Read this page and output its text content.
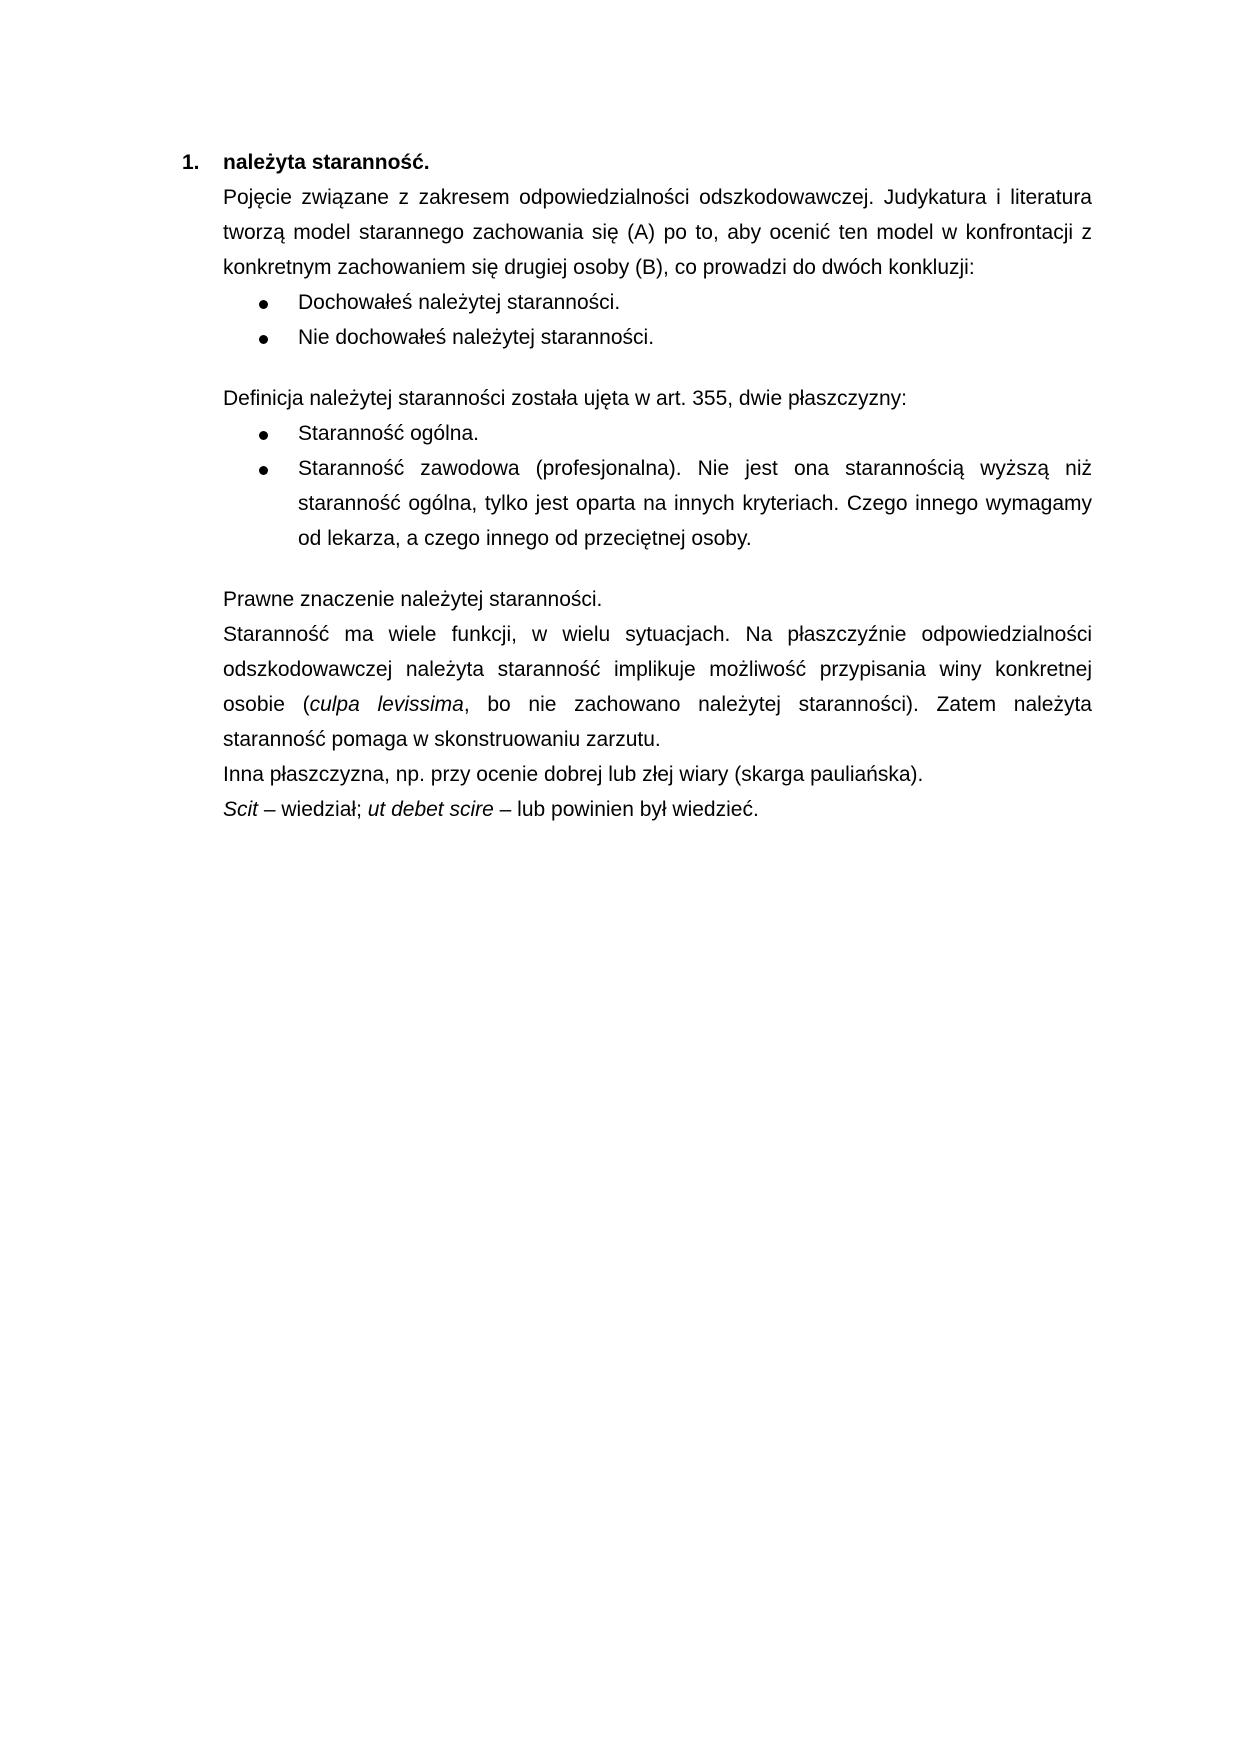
1.	należyta staranność.

Pojęcie związane z zakresem odpowiedzialności odszkodowawczej. Judykatura i literatura tworzą model starannego zachowania się (A) po to, aby ocenić ten model w konfrontacji z konkretnym zachowaniem się drugiej osoby (B), co prowadzi do dwóch konkluzji:

Dochowałeś należytej staranności.
Nie dochowałeś należytej staranności.

Definicja należytej staranności została ujęta w art. 355, dwie płaszczyzny:

Staranność ogólna.
Staranność zawodowa (profesjonalna). Nie jest ona starannością wyższą niż staranność ogólna, tylko jest oparta na innych kryteriach. Czego innego wymagamy od lekarza, a czego innego od przeciętnej osoby.

Prawne znaczenie należytej staranności.

Staranność ma wiele funkcji, w wielu sytuacjach. Na płaszczyźnie odpowiedzialności odszkodowawczej należyta staranność implikuje możliwość przypisania winy konkretnej osobie (culpa levissima, bo nie zachowano należytej staranności). Zatem należyta staranność pomaga w skonstruowaniu zarzutu.

Inna płaszczyzna, np. przy ocenie dobrej lub złej wiary (skarga pauliańska).

Scit – wiedział; ut debet scire – lub powinien był wiedzieć.
